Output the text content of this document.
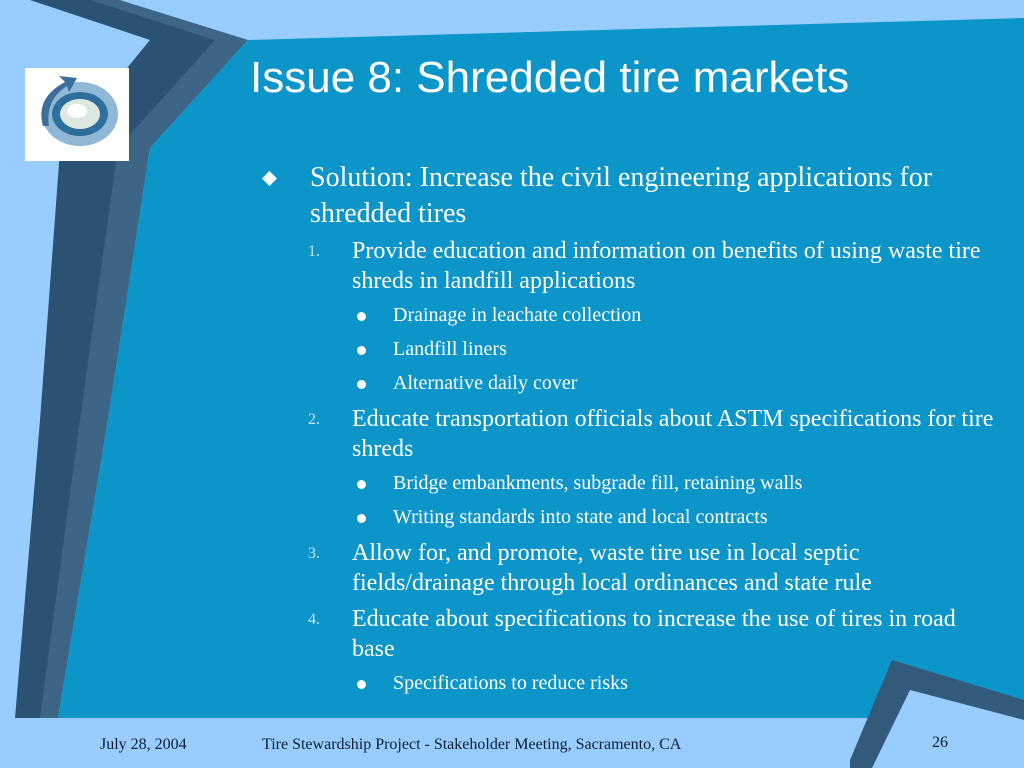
Issue 8: Shredded tire markets
Solution: Increase the civil engineering applications for shredded tires
1. Provide education and information on benefits of using waste tire shreds in landfill applications
Drainage in leachate collection
Landfill liners
Alternative daily cover
2. Educate transportation officials about ASTM specifications for tire shreds
Bridge embankments, subgrade fill, retaining walls
Writing standards into state and local contracts
3. Allow for, and promote, waste tire use in local septic fields/drainage through local ordinances and state rule
4. Educate about specifications to increase the use of tires in road base
Specifications to reduce risks
July 28, 2004	Tire Stewardship Project - Stakeholder Meeting, Sacramento, CA	26
